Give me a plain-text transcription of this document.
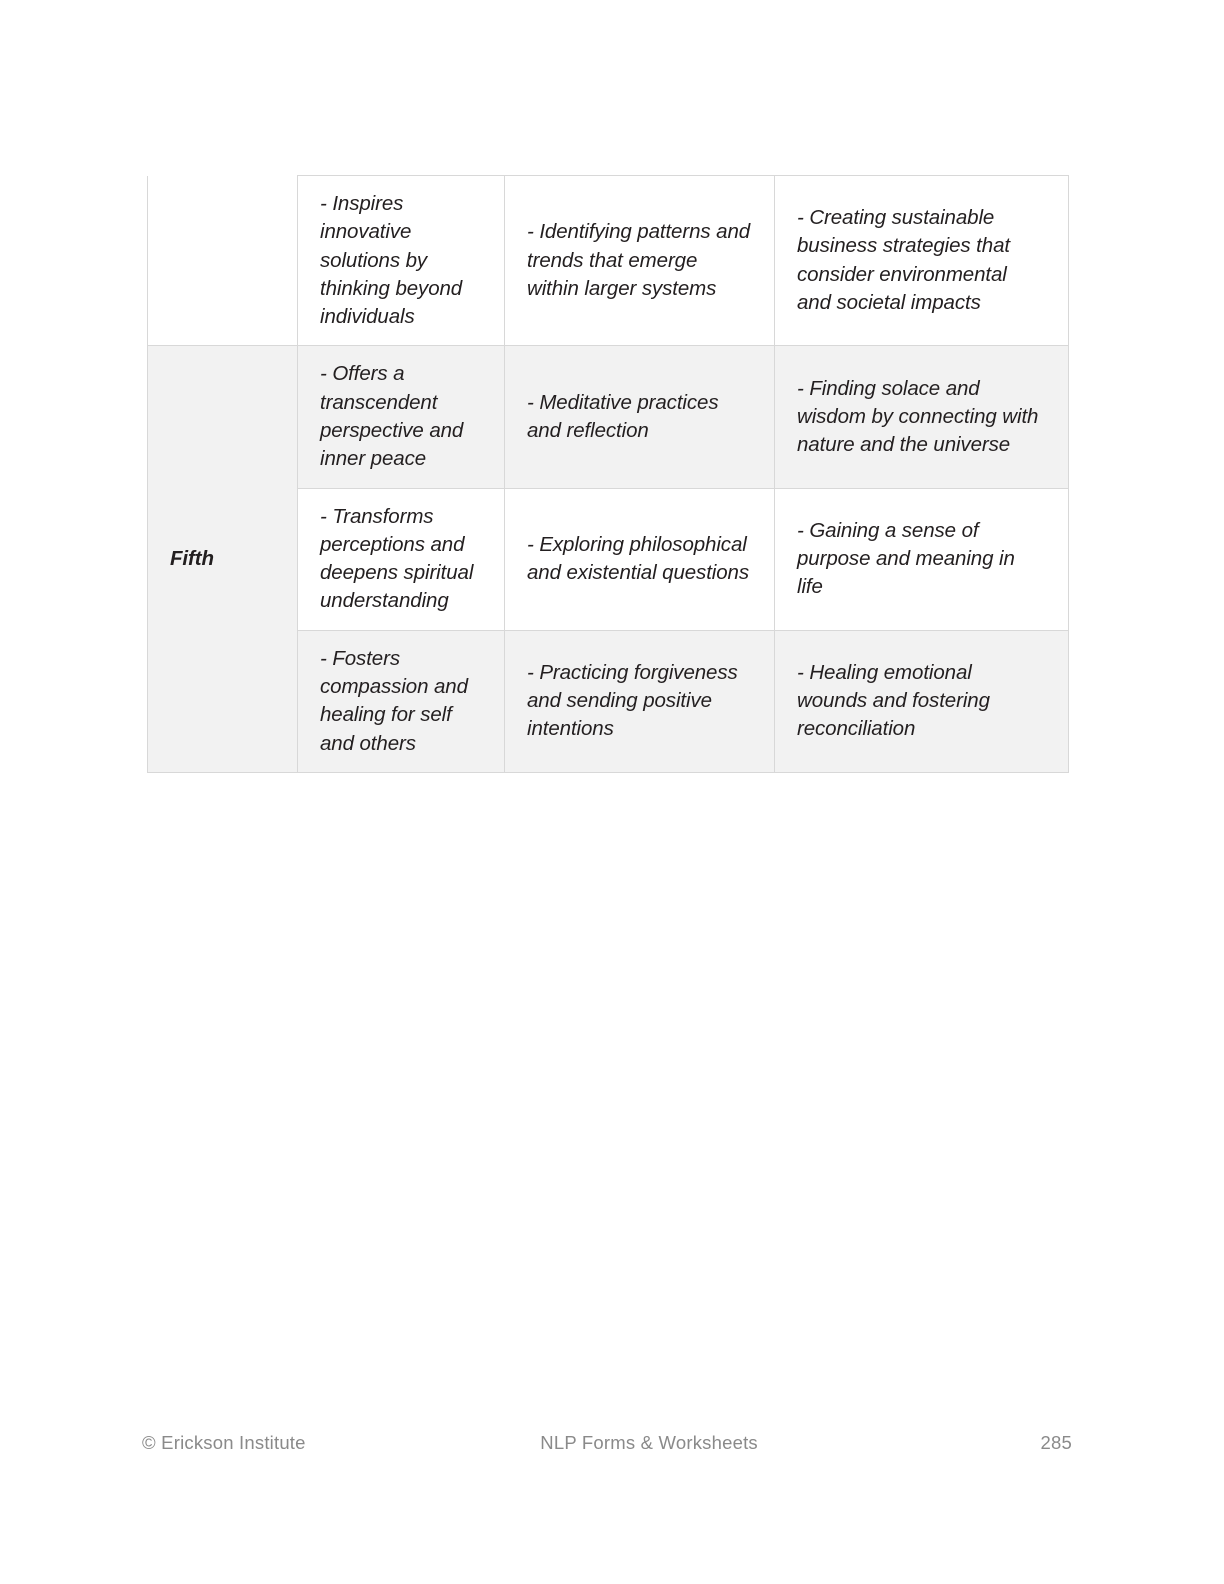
	- Inspires innovative solutions by thinking beyond individuals	- Identifying patterns and trends that emerge within larger systems	- Creating sustainable business strategies that consider environmental and societal impacts
Fifth	- Offers a transcendent perspective and inner peace	- Meditative practices and reflection	- Finding solace and wisdom by connecting with nature and the universe
	- Transforms perceptions and deepens spiritual understanding	- Exploring philosophical and existential questions	- Gaining a sense of purpose and meaning in life
	- Fosters compassion and healing for self and others	- Practicing forgiveness and sending positive intentions	- Healing emotional wounds and fostering reconciliation
© Erickson Institute	NLP Forms & Worksheets	285
